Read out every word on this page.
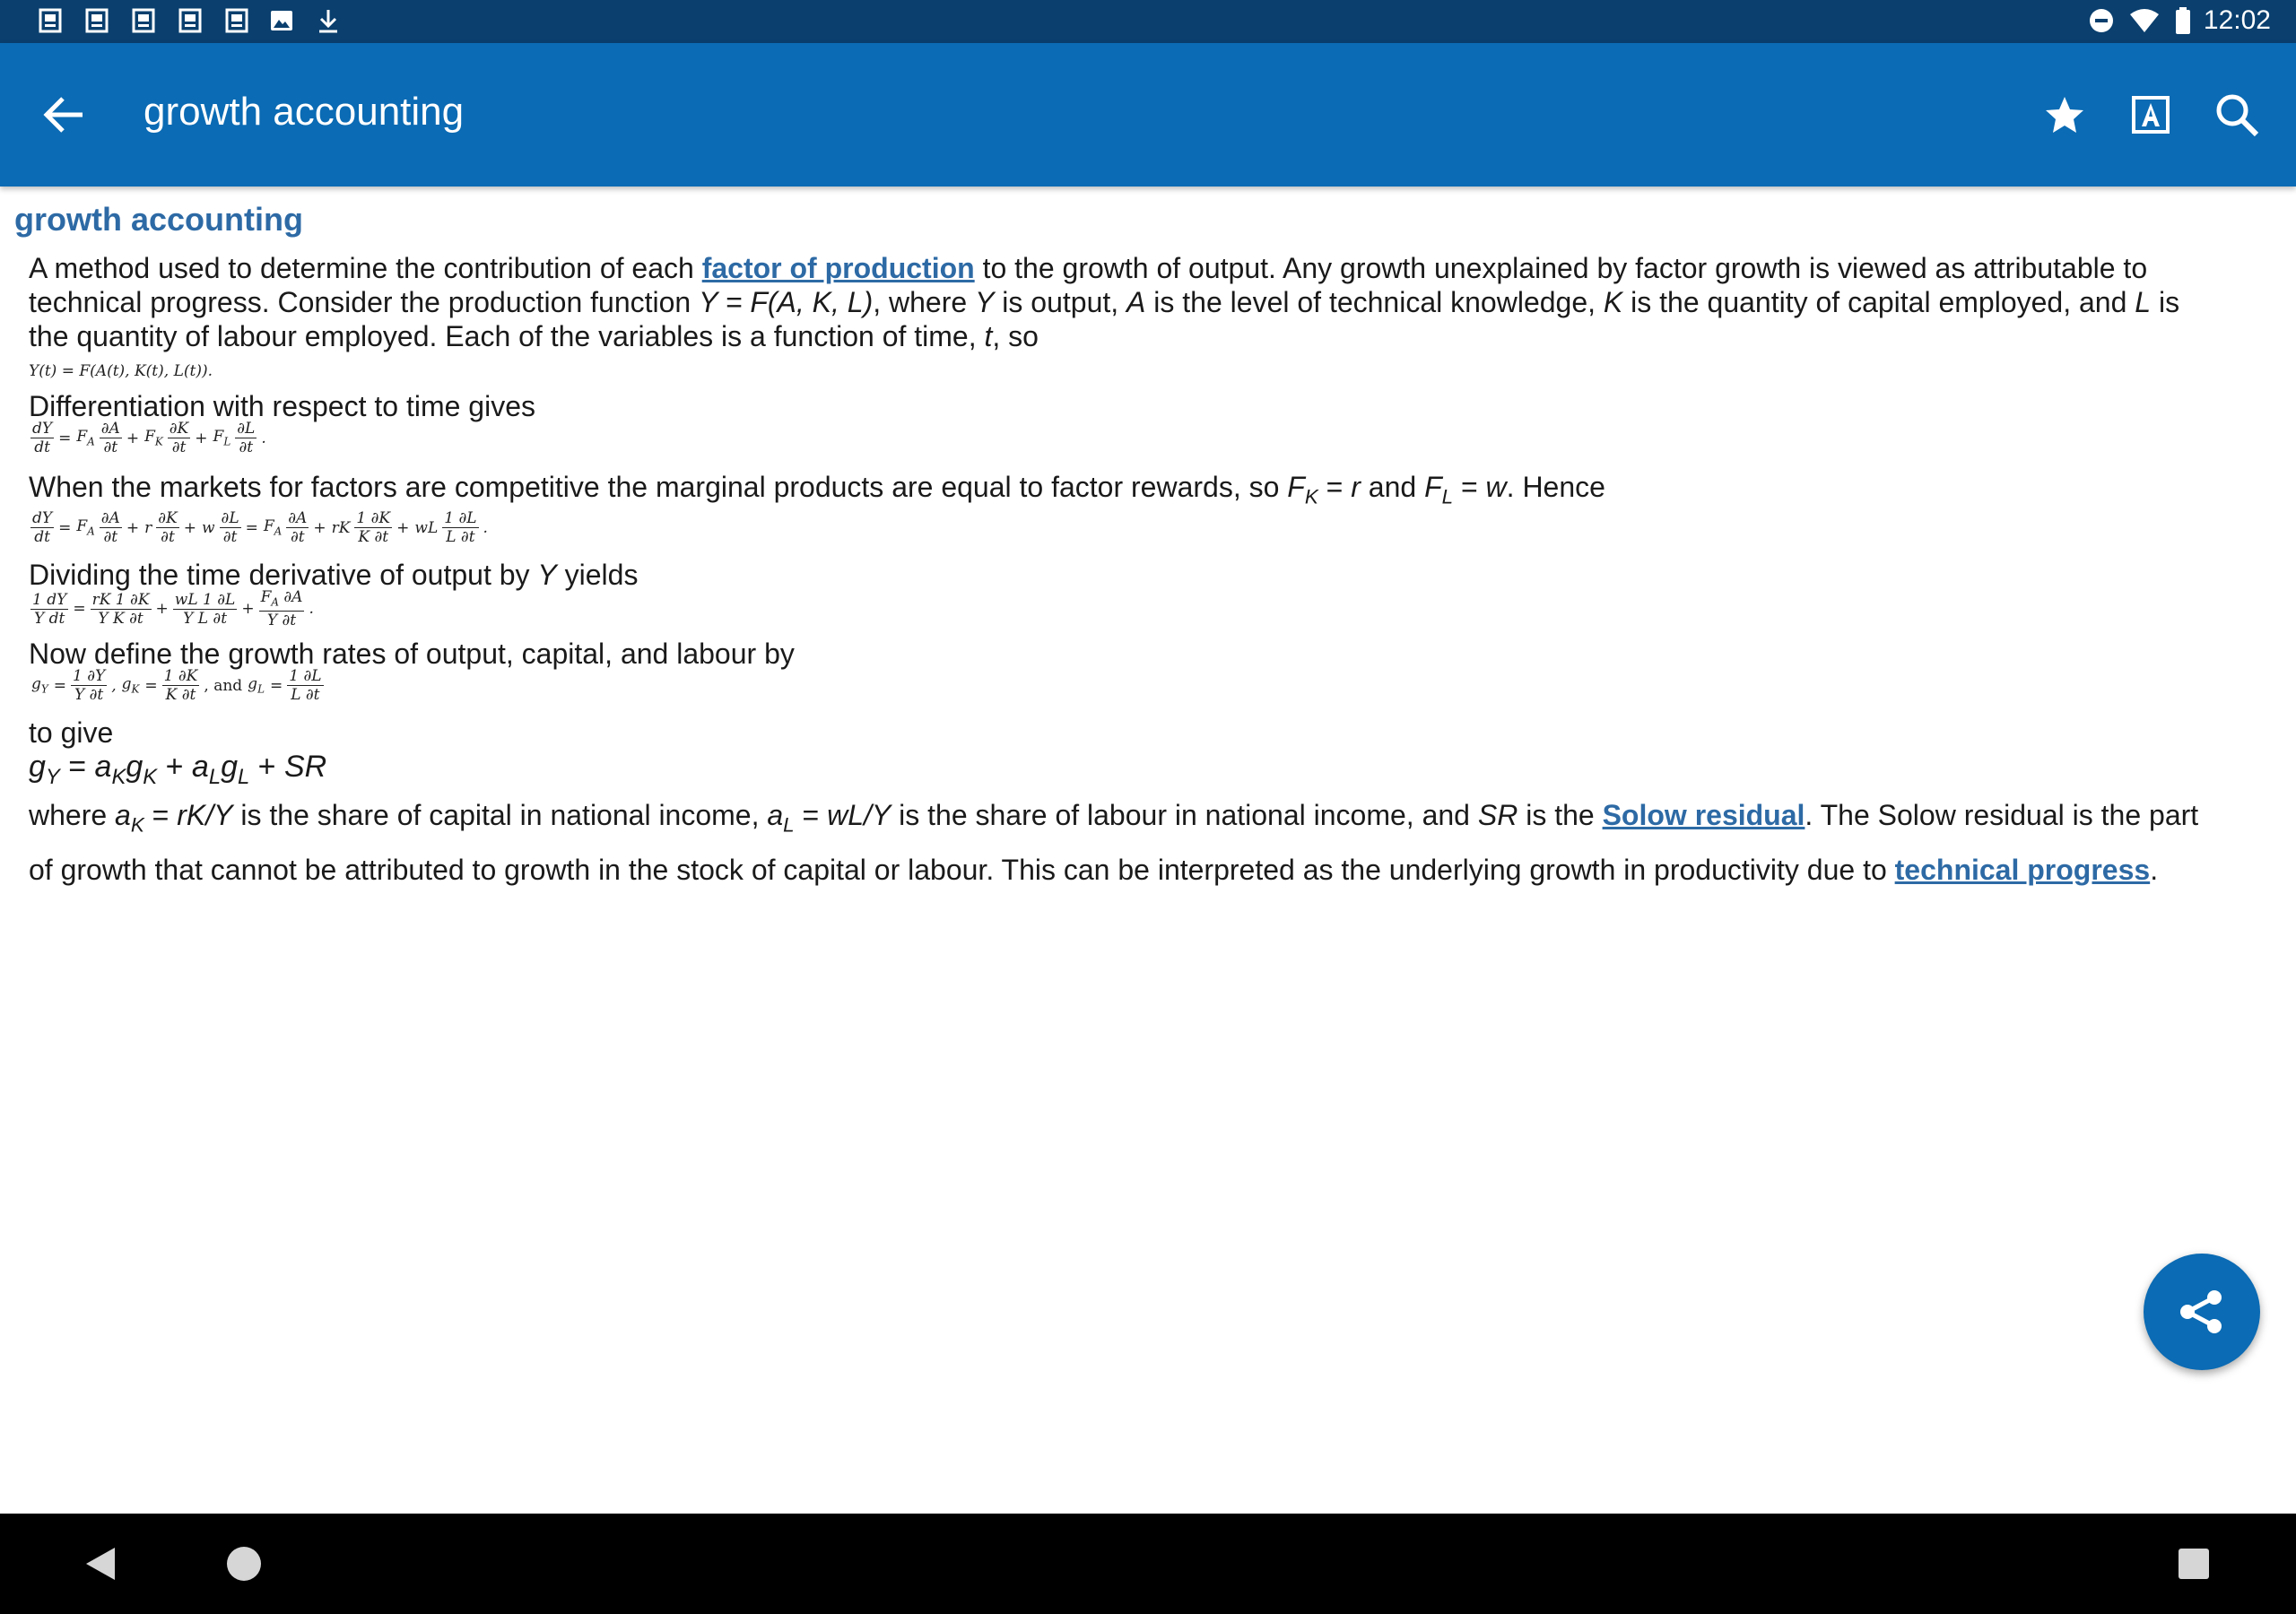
12:02
growth accounting
growth accounting
A method used to determine the contribution of each factor of production to the growth of output. Any growth unexplained by factor growth is viewed as attributable to technical progress. Consider the production function Y = F(A, K, L), where Y is output, A is the level of technical knowledge, K is the quantity of capital employed, and L is the quantity of labour employed. Each of the variables is a function of time, t, so
Y(t) = F(A(t), K(t), L(t)).
Differentiation with respect to time gives
$\frac{dY}{dt} = F_A \frac{\partial A}{\partial t} + F_K \frac{\partial K}{\partial t} + F_L \frac{\partial L}{\partial t}$ .
When the markets for factors are competitive the marginal products are equal to factor rewards, so $F_K = r$ and $F_L = w$. Hence
$\frac{dY}{dt} = F_A \frac{\partial A}{\partial t} + r \frac{\partial K}{\partial t} + w \frac{\partial L}{\partial t} = F_A \frac{\partial A}{\partial t}$ + rK $\frac{1 \partial K}{K \partial t}$ + wL $\frac{1 \partial L}{L \partial t}$ .
Dividing the time derivative of output by Y yields
$\frac{1 dY}{\text{Y dt}} = \frac{rK 1 \partial K}{\text{Y K ∂t}} + \frac{wL 1 \partial L}{\text{Y L ∂t}} + \frac{F_A \partial A}{Y \partial t}$ .
Now define the growth rates of output, capital, and labour by
$g_Y = \frac{1 \partial Y}{Y \partial t}$ , $g_K = \frac{1 \partial K}{K \partial t}$ , and $g_L = \frac{1 \partial L}{L \partial t}$
to give
$g_Y = a_Kg_K + a_Lg_L$ + SR
where $a_K = rK/Y$ is the share of capital in national income, $a_L = wL/Y$ is the share of labour in national income, and SR is the Solow residual. The Solow residual is the part of growth that cannot be attributed to growth in the stock of capital or labour. This can be interpreted as the underlying growth in productivity due to technical progress.
